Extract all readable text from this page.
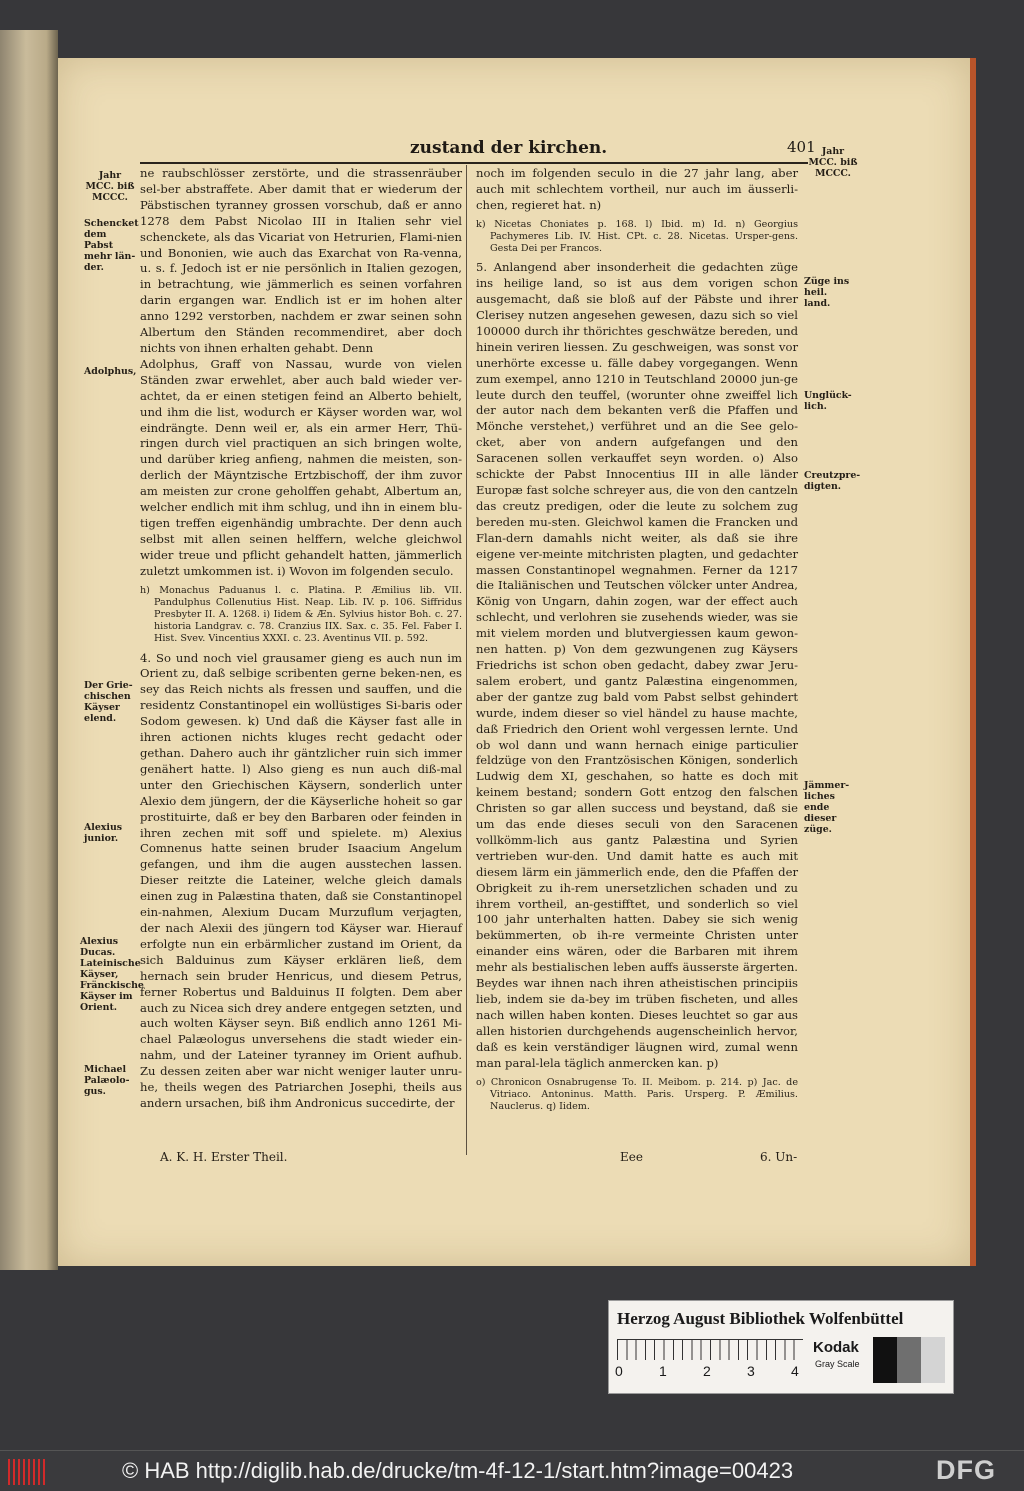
zustand der kirchen.	401
Jahr MCC. biß MCCC.
Schencket dem Pabst mehr län-der.
Adolphus,
Der Grie-chischen Käyser elend.
Alexius junior.
Alexius Ducas. Lateinische Käyser, Fränckische Käyser im Orient.
Michael Palæolo-gus.

ne raubschlösser zerstörte, und die strassenräuber sel-ber abstraffete. Aber damit that er wiederum der Päbstischen tyranney grossen vorschub, daß er anno 1278 dem Pabst Nicolao III in Italien sehr viel schenckete, als das Vicariat von Hetrurien, Flami-nien und Bononien, wie auch das Exarchat von Ra-venna, u. s. f. Jedoch ist er nie persönlich in Italien gezogen, in betrachtung, wie jämmerlich es seinen vorfahren darin ergangen war. Endlich ist er im hohen alter anno 1292 verstorben, nachdem er zwar seinen sohn Albertum den Ständen recommendiret, aber doch nichts von ihnen erhalten gehabt. Denn

Adolphus, Graff von Nassau, wurde von vielen Ständen zwar erwehlet, aber auch bald wieder ver-achtet, da er einen stetigen feind an Alberto behielt, und ihm die list, wodurch er Käyser worden war, wol eindrängte. Denn weil er, als ein armer Herr, Thü-ringen durch viel practiquen an sich bringen wolte, und darüber krieg anfieng, nahmen die meisten, son-derlich der Mäyntzische Ertzbischoff, der ihm zuvor am meisten zur crone geholffen gehabt, Albertum an, welcher endlich mit ihm schlug, und ihn in einem blu-tigen treffen eigenhändig umbrachte. Der denn auch selbst mit allen seinen helffern, welche gleichwol wider treue und pflicht gehandelt hatten, jämmerlich zuletzt umkommen ist. i) Wovon im folgenden seculo.

h) Monachus Paduanus l. c. Platina. P. Æmilius lib. VII. Pandulphus Collenutius Hist. Neap. Lib. IV. p. 106. Siffridus Presbyter II. A. 1268. i) Iidem & Æn. Sylvius histor Boh. c. 27. historia Landgrav. c. 78. Cranzius IIX. Sax. c. 35. Fel. Faber I. Hist. Svev. Vincentius XXXI. c. 23. Aventinus VII. p. 592.

4. So und noch viel grausamer gieng es auch nun im Orient zu, daß selbige scribenten gerne beken-nen, es sey das Reich nichts als fressen und sauffen, und die residentz Constantinopel ein wollüstiges Si-baris oder Sodom gewesen. k) Und daß die Käyser fast alle in ihren actionen nichts kluges recht gedacht oder gethan. Dahero auch ihr gäntzlicher ruin sich immer genähert hatte. l) Also gieng es nun auch diß-mal unter den Griechischen Käysern, sonderlich unter Alexio dem jüngern, der die Käyserliche hoheit so gar prostituirte, daß er bey den Barbaren oder feinden in ihren zechen mit soff und spielete. m) Alexius Comnenus hatte seinen bruder Isaacium Angelum gefangen, und ihm die augen ausstechen lassen. Dieser reitzte die Lateiner, welche gleich damals einen zug in Palæstina thaten, daß sie Constantinopel ein-nahmen, Alexium Ducam Murzuflum verjagten, der nach Alexii des jüngern tod Käyser war. Hierauf erfolgte nun ein erbärmlicher zustand im Orient, da sich Balduinus zum Käyser erklären ließ, dem hernach sein bruder Henricus, und diesem Petrus, ferner Robertus und Balduinus II folgten. Dem aber auch zu Nicea sich drey andere entgegen setzten, und auch wolten Käyser seyn. Biß endlich anno 1261 Mi-chael Palæologus unversehens die stadt wieder ein-nahm, und der Lateiner tyranney im Orient aufhub. Zu dessen zeiten aber war nicht weniger lauter unru-he, theils wegen des Patriarchen Josephi, theils aus andern ursachen, biß ihm Andronicus succedirte, der

A. K. H. Erster Theil.

noch im folgenden seculo in die 27 jahr lang, aber auch mit schlechtem vortheil, nur auch im äusserli-chen, regieret hat. n)

k) Nicetas Choniates p. 168. l) Ibid. m) Id. n) Georgius Pachymeres Lib. IV. Hist. CPt. c. 28. Nicetas. Ursper-gens. Gesta Dei per Francos.

5. Anlangend aber insonderheit die gedachten züge ins heilige land, so ist aus dem vorigen schon ausgemacht, daß sie bloß auf der Päbste und ihrer Clerisey nutzen angesehen gewesen, dazu sich so viel 100000 durch ihr thörichtes geschwätze bereden, und hinein veriren liessen. Zu geschweigen, was sonst vor unerhörte excesse u. fälle dabey vorgegangen. Wenn zum exempel, anno 1210 in Teutschland 20000 jun-ge leute durch den teuffel, (worunter ohne zweiffel lich der autor nach dem bekanten verß die Pfaffen und Mönche verstehet,) verführet und an die See gelo-cket, aber von andern aufgefangen und den Saracenen sollen verkauffet seyn worden. o) Also schickte der Pabst Innocentius III in alle länder Europæ fast solche schreyer aus, die von den cantzeln das creutz predigen, oder die leute zu solchem zug bereden mu-sten. Gleichwol kamen die Francken und Flan-dern damahls nicht weiter, als daß sie ihre eigene ver-meinte mitchristen plagten, und gedachter massen Constantinopel wegnahmen. Ferner da 1217 die Italiänischen und Teutschen völcker unter Andrea, König von Ungarn, dahin zogen, war der effect auch schlecht, und verlohren sie zusehends wieder, was sie mit vielem morden und blutvergiessen kaum gewon-nen hatten. p) Von dem gezwungenen zug Käysers Friedrichs ist schon oben gedacht, dabey zwar Jeru-salem erobert, und gantz Palæstina eingenommen, aber der gantze zug bald vom Pabst selbst gehindert wurde, indem dieser so viel händel zu hause machte, daß Friedrich den Orient wohl vergessen lernte. Und ob wol dann und wann hernach einige particulier feldzüge von den Frantzösischen Königen, sonderlich Ludwig dem XI, geschahen, so hatte es doch mit keinem bestand; sondern Gott entzog den falschen Christen so gar allen success und beystand, daß sie um das ende dieses seculi von den Saracenen vollkömm-lich aus gantz Palæstina und Syrien vertrieben wur-den. Und damit hatte es auch mit diesem lärm ein jämmerlich ende, den die Pfaffen der Obrigkeit zu ih-rem unersetzlichen schaden und zu ihrem vortheil, an-gestifftet, und sonderlich so viel 100 jahr unterhalten hatten. Dabey sie sich wenig bekümmerten, ob ih-re vermeinte Christen unter einander eins wären, oder die Barbaren mit ihrem mehr als bestialischen leben auffs äusserste ärgerten. Beydes war ihnen nach ihren atheistischen principiis lieb, indem sie da-bey im trüben fischeten, und alles nach willen haben konten. Dieses leuchtet so gar aus allen historien durchgehends augenscheinlich hervor, daß es kein verständiger läugnen wird, zumal wenn man paral-lela täglich anmercken kan. p)

o) Chronicon Osnabrugense To. II. Meibom. p. 214. p) Jac. de Vitriaco. Antoninus. Matth. Paris. Ursperg. P. Æmilius. Nauclerus. q) Iidem.

Eee	6. Un-
Jahr MCC. biß MCCC.
Züge ins heil. land.
Unglück-lich.
Creutzpre-digten.
Jämmer-liches ende dieser züge.
Herzog August Bibliothek Wolfenbüttel
0	1	2	3	4
Kodak
Gray Scale
© HAB http://diglib.hab.de/drucke/tm-4f-12-1/start.htm?image=00423	DFG
